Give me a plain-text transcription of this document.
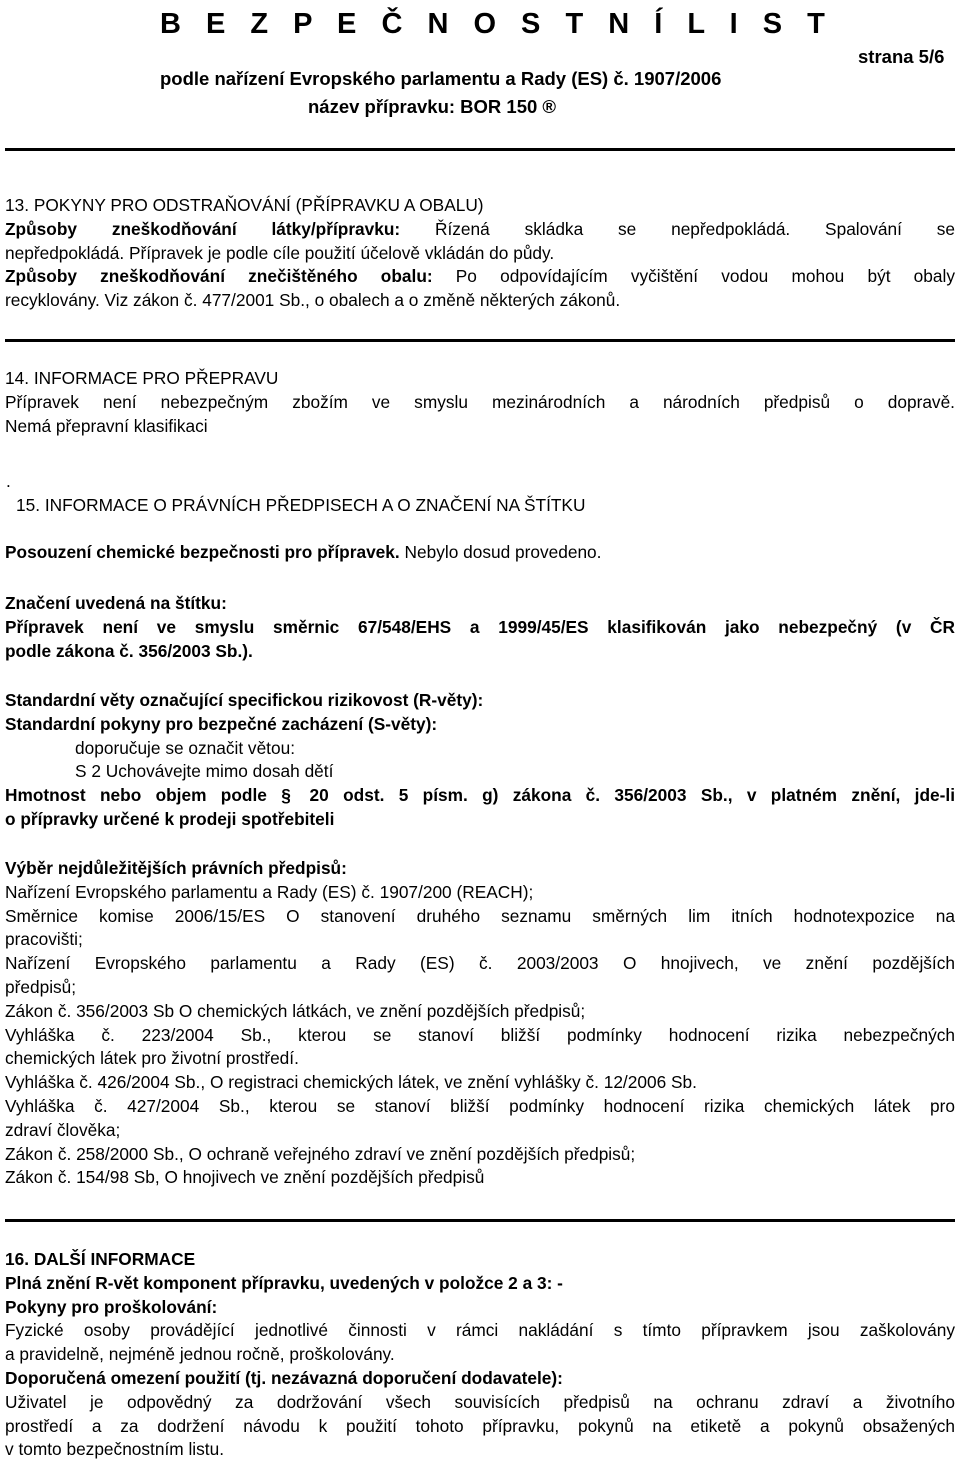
B E Z P E Č N O S T N Í L I S T
podle nařízení Evropského parlamentu a Rady (ES) č. 1907/2006
název přípravku: BOR 150 ®
strana 5/6
13. POKYNY PRO ODSTRAŇOVÁNÍ (PŘÍPRAVKU A OBALU)
Způsoby zneškodňování látky/přípravku: Řízená skládka se nepředpokládá. Spalování se
nepředpokládá. Přípravek je podle cíle použití účelově vkládán do půdy.
Způsoby zneškodňování znečištěného obalu: Po odpovídajícím vyčištění vodou mohou být obaly
recyklovány. Viz zákon č. 477/2001 Sb., o obalech a o změně některých zákonů.
14. INFORMACE PRO PŘEPRAVU
Přípravek není nebezpečným zbožím ve smyslu mezinárodních a národních předpisů o dopravě.
Nemá přepravní klasifikaci
.
15. INFORMACE O PRÁVNÍCH PŘEDPISECH A O ZNAČENÍ NA ŠTÍTKU
Posouzení chemické bezpečnosti pro přípravek. Nebylo dosud provedeno.
Značení uvedená na štítku:
Přípravek není ve smyslu směrnic 67/548/EHS a 1999/45/ES klasifikován jako nebezpečný (v ČR
podle zákona č. 356/2003 Sb.).
Standardní věty označující specifickou rizikovost (R-věty):
Standardní pokyny pro bezpečné zacházení (S-věty):
doporučuje se označit větou:
S 2 Uchovávejte mimo dosah dětí
Hmotnost nebo objem podle § 20 odst. 5 písm. g) zákona č. 356/2003 Sb., v platném znění, jde-li
o přípravky určené k prodeji spotřebiteli
Výběr nejdůležitějších právních předpisů:
Nařízení Evropského parlamentu a Rady (ES) č. 1907/200 (REACH);
Směrnice komise 2006/15/ES O stanovení druhého seznamu směrných lim itních hodnotexpozice na
pracovišti;
Nařízení Evropského parlamentu a Rady (ES) č. 2003/2003 O hnojivech, ve znění pozdějších
předpisů;
Zákon č. 356/2003 Sb O chemických látkách, ve znění pozdějších předpisů;
Vyhláška č. 223/2004 Sb., kterou se stanoví bližší podmínky hodnocení rizika nebezpečných
chemických látek pro životní prostředí.
Vyhláška č. 426/2004 Sb., O registraci chemických látek, ve znění vyhlášky č. 12/2006 Sb.
Vyhláška č. 427/2004 Sb., kterou se stanoví bližší podmínky hodnocení rizika chemických látek pro
zdraví člověka;
Zákon č. 258/2000 Sb., O ochraně veřejného zdraví ve znění pozdějších předpisů;
Zákon č. 154/98 Sb, O hnojivech ve znění pozdějších předpisů
16. DALŠÍ INFORMACE
Plná znění R-vět komponent přípravku, uvedených v položce 2 a 3: -
Pokyny pro proškolování:
Fyzické osoby provádějící jednotlivé činnosti v rámci nakládání s tímto přípravkem jsou zaškolovány
a pravidelně, nejméně jednou ročně, proškolovány.
Doporučená omezení použití (tj. nezávazná doporučení dodavatele):
Uživatel je odpovědný za dodržování všech souvisících předpisů na ochranu zdraví a životního
prostředí a za dodržení návodu k použití tohoto přípravku, pokynů na etiketě a pokynů obsažených
v tomto bezpečnostním listu.
